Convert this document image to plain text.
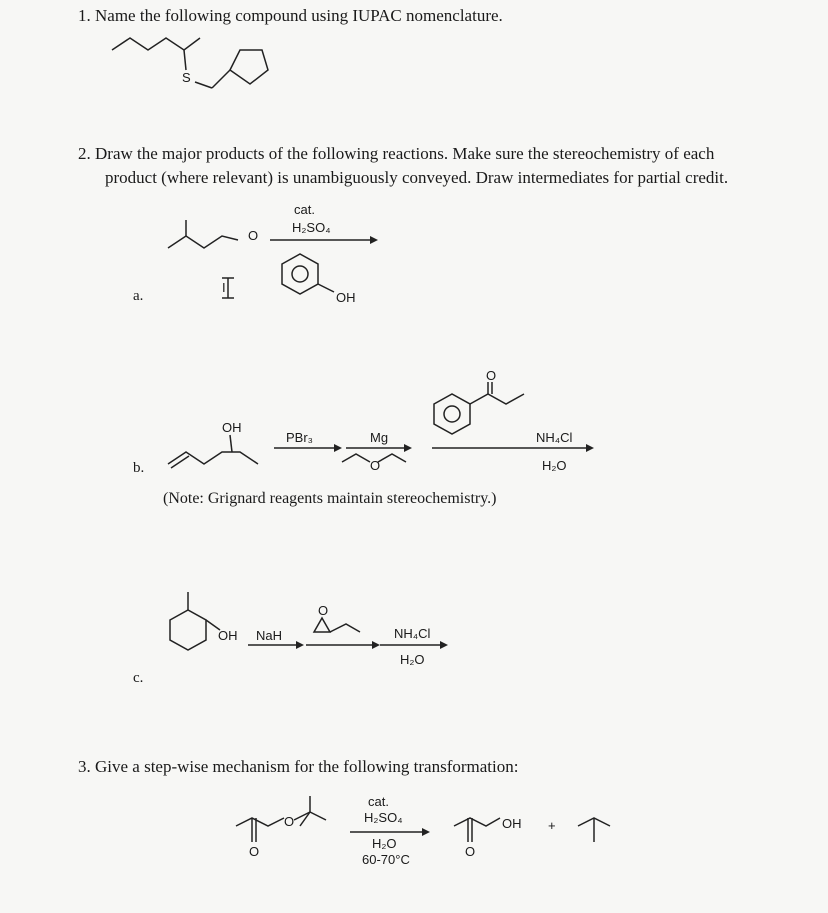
1. Name the following compound using IUPAC nomenclature.
2. Draw the major products of the following reactions. Make sure the stereochemistry of each
product (where relevant) is unambiguously conveyed. Draw intermediates for partial credit.
3. Give a step-wise mechanism for the following transformation:
S
a.
O
I
cat.
H₂SO₄
OH
b.
OH
PBr₃	Mg
O
O
NH₄Cl
H₂O
(Note: Grignard reagents maintain stereochemistry.)
c.
OH NaH
O
NH₄Cl
H₂O
O
O
cat.
H₂SO₄
H₂O
60-70°C
OH
O
+
